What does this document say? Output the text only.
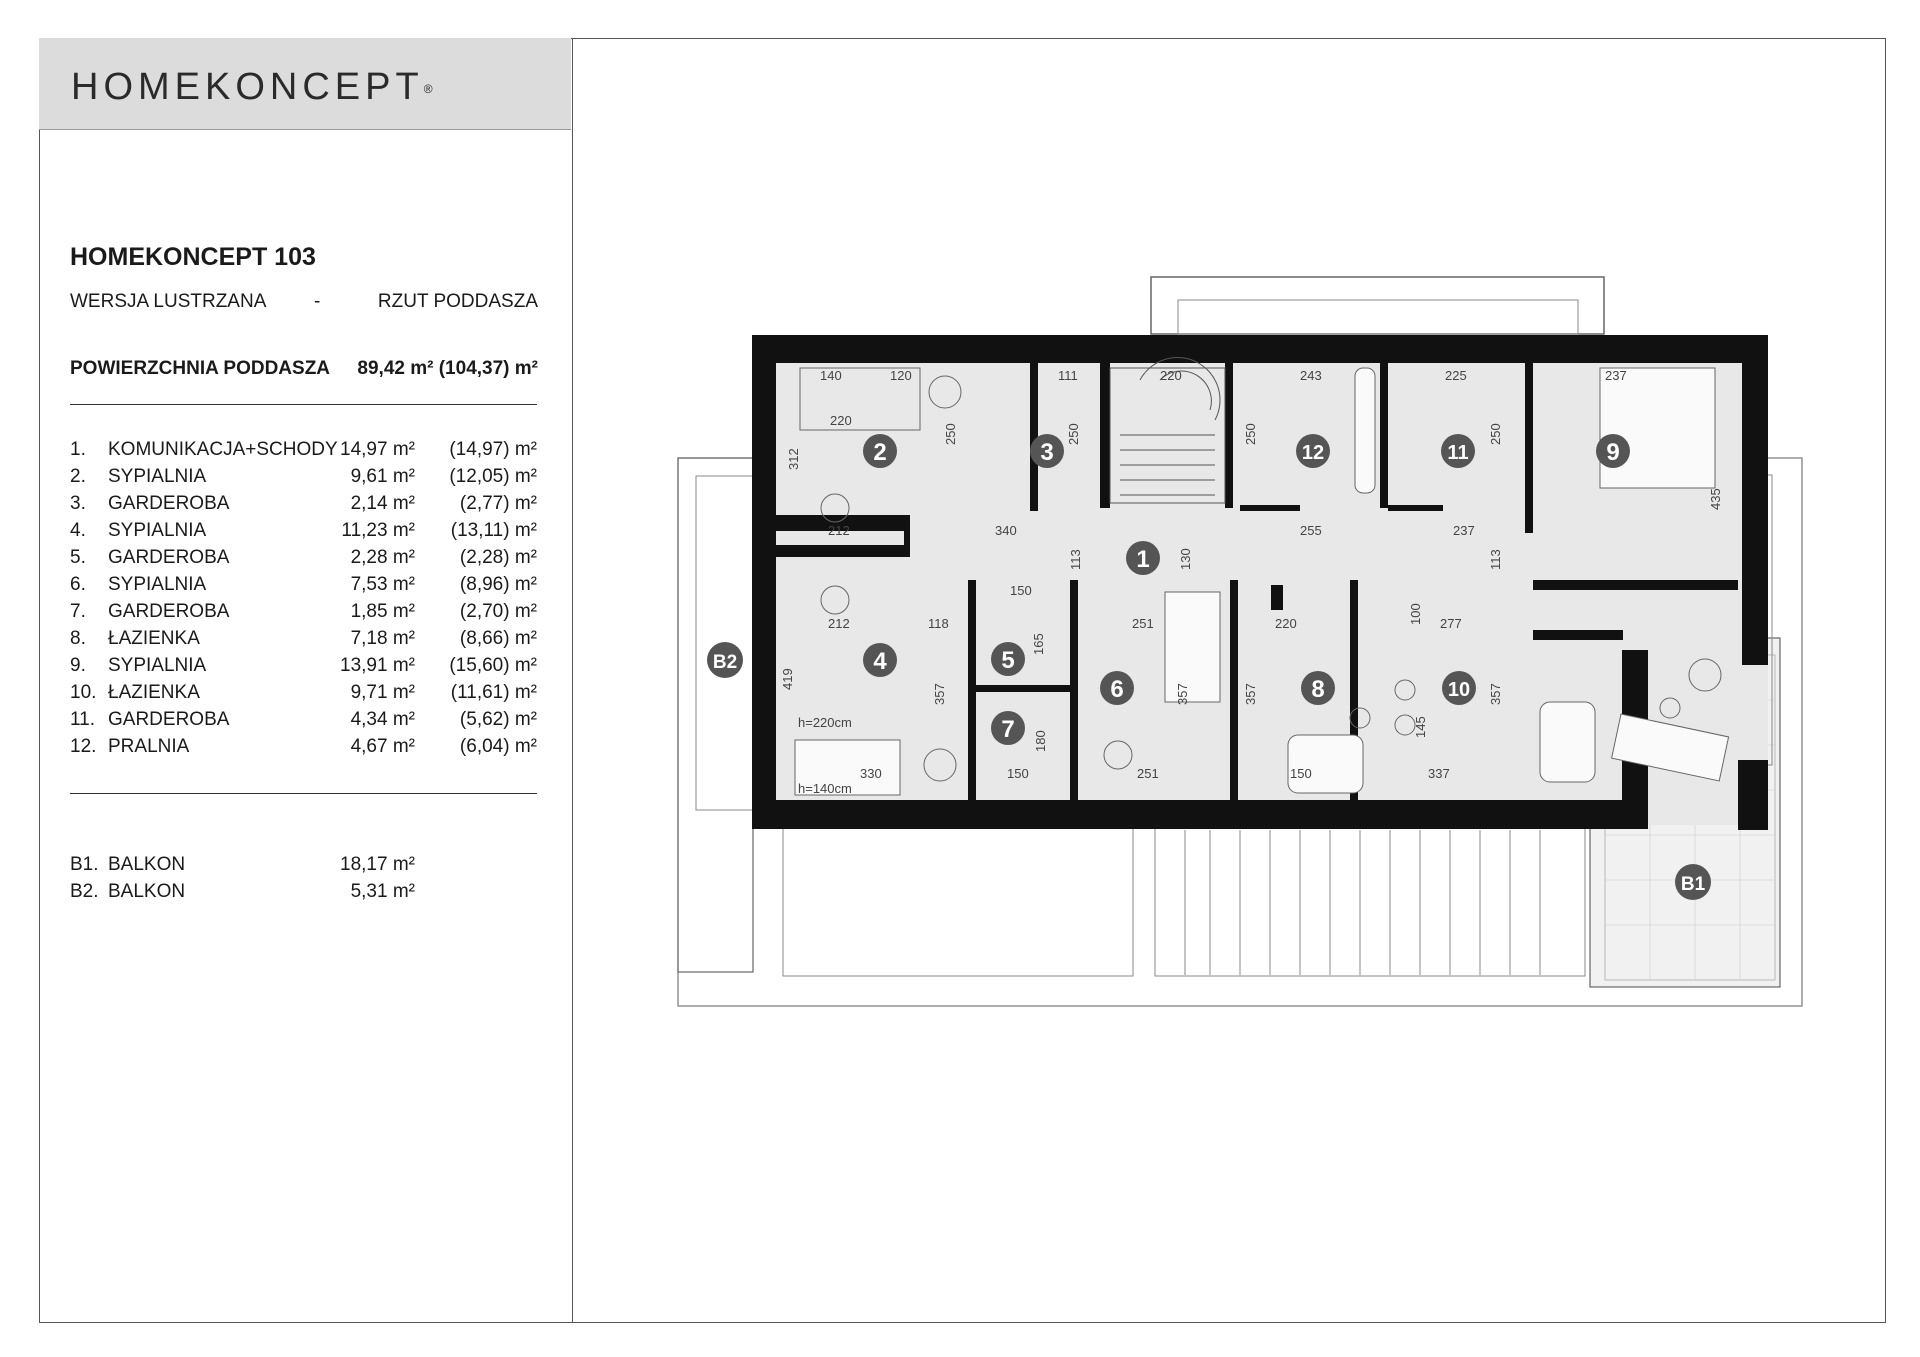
HOMEKONCEPT®
HOMEKONCEPT 103
WERSJA LUSTRZANA	-	RZUT PODDASZA
POWIERZCHNIA PODDASZA 89,42 m² (104,37) m²
1. KOMUNIKACJA+SCHODY 14,97 m² (14,97) m²
2. SYPIALNIA	9,61 m² (12,05) m²
3. GARDEROBA	2,14 m² (2,77) m²
4. SYPIALNIA	11,23 m² (13,11) m²
5. GARDEROBA	2,28 m² (2,28) m²
6. SYPIALNIA	7,53 m² (8,96) m²
7. GARDEROBA	1,85 m² (2,70) m²
8. ŁAZIENKA	7,18 m² (8,66) m²
9. SYPIALNIA	13,91 m² (15,60) m²
10. ŁAZIENKA	9,71 m² (11,61) m²
11. GARDEROBA	4,34 m² (5,62) m²
12. PRALNIA	4,67 m² (6,04) m²
B1. BALKON	18,17 m²
B2. BALKON	5,31 m²
140	120
220
250
111
250
220
250
243	225
250
237
312
212	340
113	130
255	237
113
435
212	118
150
165
251	220	100 277
419
357	357	357	357
180
150	251	150
145
337
330
h=220cm
h=140cm
1
2	3
4	5
6
7
8
9
10
11
12
B1
B2
